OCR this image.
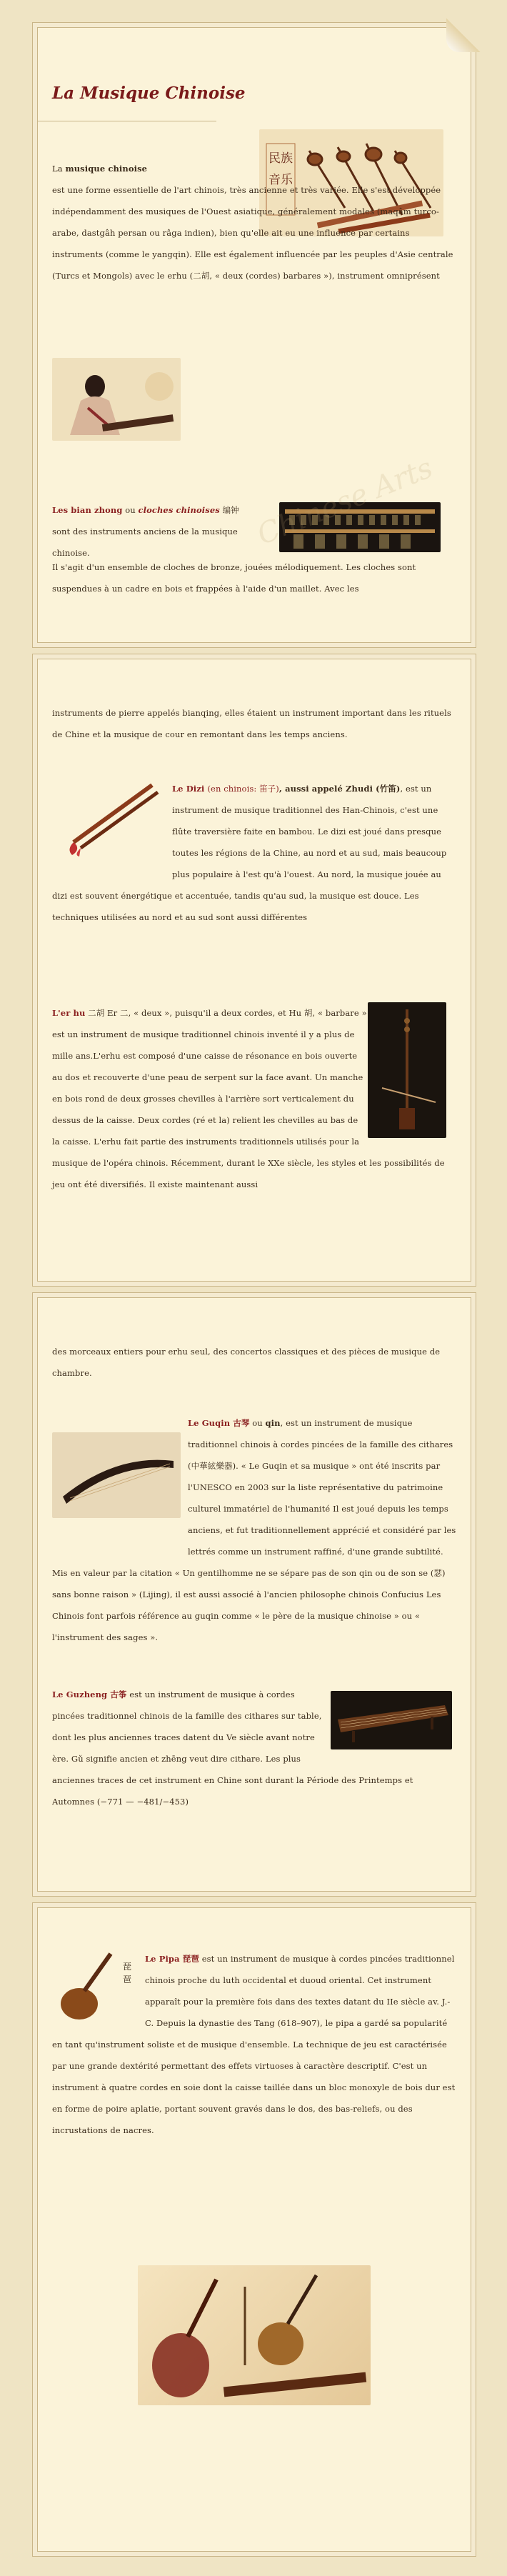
La Musique Chinoise
民族
音乐
La musique chinoise
est une forme essentielle de l'art chinois, très ancienne et très variée. Elle s'est développée indépendamment des musiques de l'Ouest asiatique, généralement modales (maqâm turco-arabe, dastgâh persan ou râga indien), bien qu'elle ait eu une influence par certains instruments (comme le yangqin). Elle est également influencée par les peuples d'Asie centrale (Turcs et Mongols) avec le erhu (二胡, « deux (cordes) barbares »), instrument omniprésent
Les bian zhong ou cloches chinoises 编钟 sont des instruments anciens de la musique chinoise.
Il s'agit d'un ensemble de cloches de bronze, jouées mélodiquement. Les cloches sont suspendues à un cadre en bois et frappées à l'aide d'un maillet. Avec les
Chinese Arts
instruments de pierre appelés bianqing, elles étaient un instrument important dans les rituels de Chine et la musique de cour en remontant dans les temps anciens.
Le Dizi (en chinois: 笛子), aussi appelé Zhudi (竹笛), est un instrument de musique traditionnel des Han-Chinois, c'est une flûte traversière faite en bambou. Le dizi est joué dans presque toutes les régions de la Chine, au nord et au sud, mais beaucoup plus populaire à l'est qu'à l'ouest. Au nord, la musique jouée au dizi est souvent énergétique et accentuée, tandis qu'au sud, la musique est douce. Les techniques utilisées au nord et au sud sont aussi différentes
L'er hu 二胡 Er 二, « deux », puisqu'il a deux cordes, et Hu 胡, « barbare » est un instrument de musique traditionnel chinois inventé il y a plus de mille ans.L'erhu est composé d'une caisse de résonance en bois ouverte au dos et recouverte d'une peau de serpent sur la face avant. Un manche en bois rond de deux grosses chevilles à l'arrière sort verticalement du dessus de la caisse. Deux cordes (ré et la) relient les chevilles au bas de la caisse. L'erhu fait partie des instruments traditionnels utilisés pour la musique de l'opéra chinois. Récemment, durant le XXe siècle, les styles et les possibilités de jeu ont été diversifiés. Il existe maintenant aussi
des morceaux entiers pour erhu seul, des concertos classiques et des pièces de musique de chambre.
Le Guqin 古琴 ou qin, est un instrument de musique traditionnel chinois à cordes pincées de la famille des cithares (中華絃樂器). « Le Guqin et sa musique » ont été inscrits par l'UNESCO en 2003 sur la liste représentative du patrimoine culturel immatériel de l'humanité Il est joué depuis les temps anciens, et fut traditionnellement apprécié et considéré par les lettrés comme un instrument raffiné, d'une grande subtilité. Mis en valeur par la citation « Un gentilhomme ne se sépare pas de son qin ou de son se (瑟) sans bonne raison » (Lijing), il est aussi associé à l'ancien philosophe chinois Confucius Les Chinois font parfois référence au guqin comme « le père de la musique chinoise » ou « l'instrument des sages ».
Le Guzheng 古筝 est un instrument de musique à cordes pincées traditionnel chinois de la famille des cithares sur table, dont les plus anciennes traces datent du Ve siècle avant notre ère. Gǔ signifie ancien et zhēng veut dire cithare. Les plus anciennes traces de cet instrument en Chine sont durant la Période des Printemps et Automnes (−771 — −481/−453)
琵
琶
Le Pipa 琵琶 est un instrument de musique à cordes pincées traditionnel chinois proche du luth occidental et duoud oriental. Cet instrument apparaît pour la première fois dans des textes datant du IIe siècle av. J.-C. Depuis la dynastie des Tang (618–907), le pipa a gardé sa popularité en tant qu'instrument soliste et de musique d'ensemble. La technique de jeu est caractérisée par une grande dextérité permettant des effets virtuoses à caractère descriptif. C'est un instrument à quatre cordes en soie dont la caisse taillée dans un bloc monoxyle de bois dur est en forme de poire aplatie, portant souvent gravés dans le dos, des bas-reliefs, ou des incrustations de nacres.
